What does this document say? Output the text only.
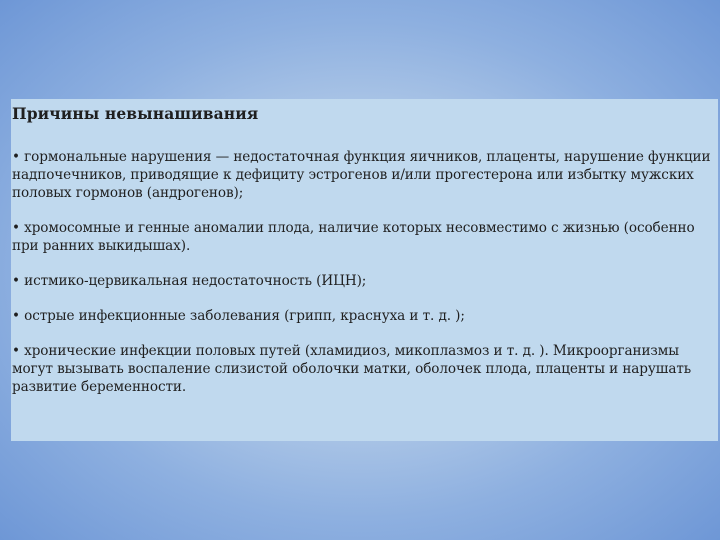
Причины невынашивания
• гормональные нарушения — недостаточная функция яичников, плаценты, нарушение функции надпочечников, приводящие к дефициту эстрогенов и/или прогестерона или избытку мужских половых гормонов (андрогенов);
• хромосомные и генные аномалии плода, наличие которых несовместимо с жизнью (особенно при ранних выкидышах).
• истмико-цервикальная недостаточность (ИЦН);
• острые инфекционные заболевания (грипп, краснуха и т. д. );
• хронические инфекции половых путей (хламидиоз, микоплазмоз и т. д. ). Микроорганизмы могут вызывать воспаление слизистой оболочки матки, оболочек плода, плаценты и нарушать развитие беременности.
